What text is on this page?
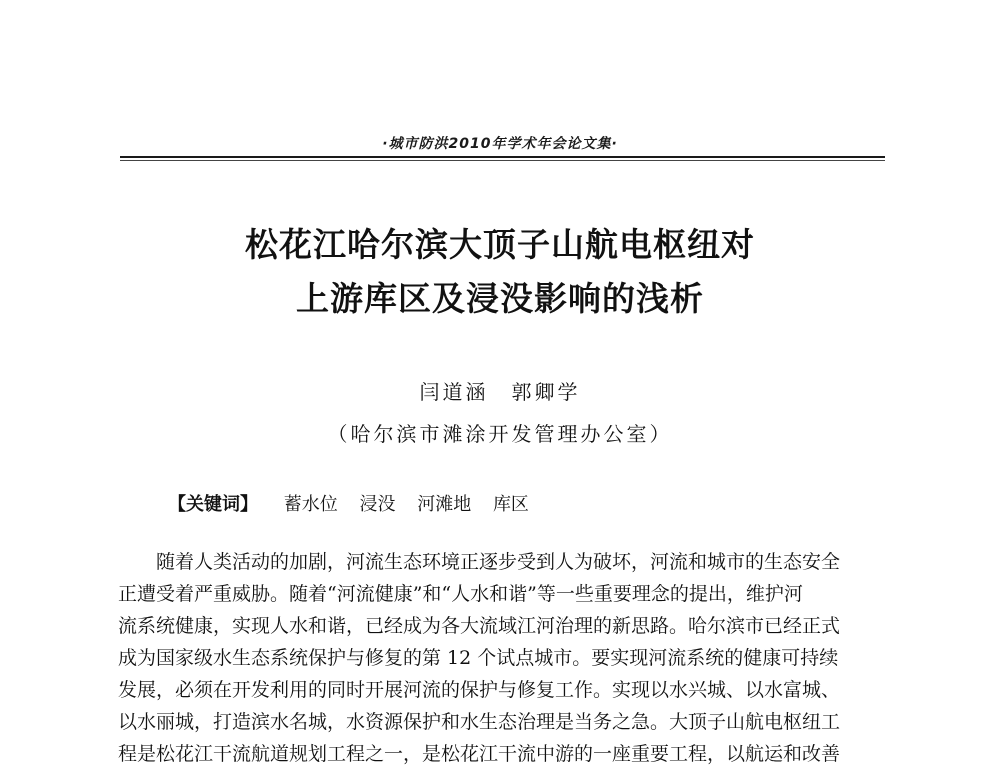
·城市防洪2010年学术年会论文集·
松花江哈尔滨大顶子山航电枢纽对
上游库区及浸没影响的浅析
闫道涵　郭卿学
（哈尔滨市滩涂开发管理办公室）
【关键词】 蓄水位 浸没 河滩地 库区
随着人类活动的加剧，河流生态环境正逐步受到人为破坏，河流和城市的生态安全
正遭受着严重威胁。随着“河流健康”和“人水和谐”等一些重要理念的提出，维护河
流系统健康，实现人水和谐，已经成为各大流域江河治理的新思路。哈尔滨市已经正式
成为国家级水生态系统保护与修复的第 12 个试点城市。要实现河流系统的健康可持续
发展，必须在开发利用的同时开展河流的保护与修复工作。实现以水兴城、以水富城、
以水丽城，打造滨水名城，水资源保护和水生态治理是当务之急。大顶子山航电枢纽工
程是松花江干流航道规划工程之一，是松花江干流中游的一座重要工程，以航运和改善
